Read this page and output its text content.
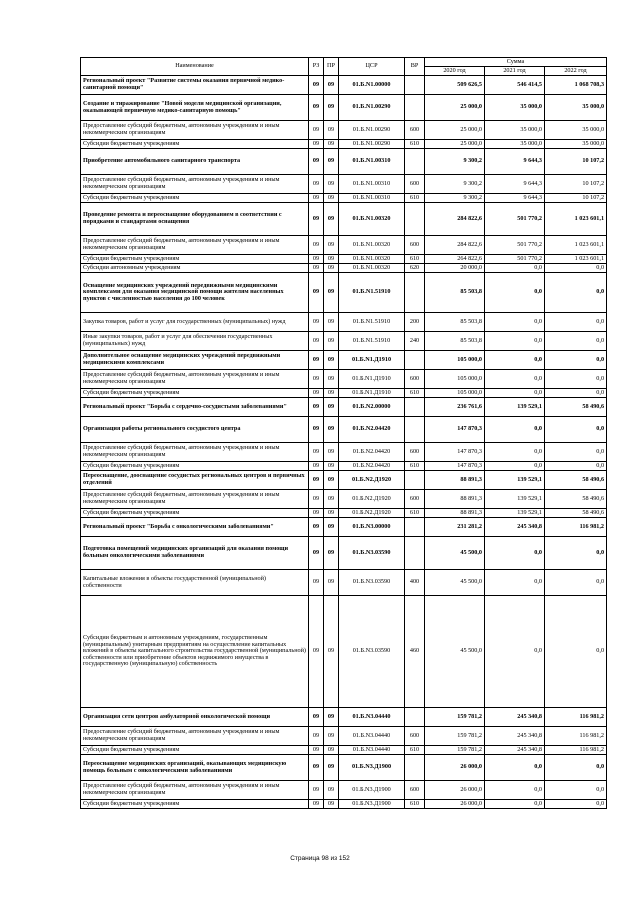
Наименование	РЗ	ПР	ЦСР	ВР	Сумма		
					2020 год	2021 год	2022 год
Региональный проект "Развитие системы оказания первичной медико-санитарной помощи"	09	09	01.Б.N1.00000		509 626,5	546 414,5	1 068 708,3
Создание и тиражирование "Новой модели медицинской организации, оказывающей первичную медико-санитарную помощь"	09	09	01.Б.N1.00290		25 000,0	35 000,0	35 000,0
Предоставление субсидий бюджетным, автономным учреждениям и иным некоммерческим организациям	09	09	01.Б.N1.00290	600	25 000,0	35 000,0	35 000,0
Субсидии бюджетным учреждениям	09	09	01.Б.N1.00290	610	25 000,0	35 000,0	35 000,0
Приобретение автомобильного санитарного транспорта	09	09	01.Б.N1.00310		9 300,2	9 644,3	10 107,2
Предоставление субсидий бюджетным, автономным учреждениям и иным некоммерческим организациям	09	09	01.Б.N1.00310	600	9 300,2	9 644,3	10 107,2
Субсидии бюджетным учреждениям	09	09	01.Б.N1.00310	610	9 300,2	9 644,3	10 107,2
Проведение ремонта и переоснащение оборудованием в соответствии с порядками и стандартами оснащения	09	09	01.Б.N1.00320		284 822,6	501 770,2	1 023 601,1
Предоставление субсидий бюджетным, автономным учреждениям и иным некоммерческим организациям	09	09	01.Б.N1.00320	600	284 822,6	501 770,2	1 023 601,1
Субсидии бюджетным учреждениям	09	09	01.Б.N1.00320	610	264 822,6	501 770,2	1 023 601,1
Субсидии автономным учреждениям	09	09	01.Б.N1.00320	620	20 000,0	0,0	0,0
Оснащение медицинских учреждений передвижными медицинскими комплексами для оказания медицинской помощи жителям населенных пунктов с численностью населения до 100 человек	09	09	01.Б.N1.51910		85 503,8	0,0	0,0
Закупка товаров, работ и услуг для государственных (муниципальных) нужд	09	09	01.Б.N1.51910	200	85 503,8	0,0	0,0
Иные закупки товаров, работ и услуг для обеспечения государственных (муниципальных) нужд	09	09	01.Б.N1.51910	240	85 503,8	0,0	0,0
Дополнительное оснащение медицинских учреждений передвижными медицинскими комплексами	09	09	01.Б.N1.Д1910		105 000,0	0,0	0,0
Предоставление субсидий бюджетным, автономным учреждениям и иным некоммерческим организациям	09	09	01.Б.N1.Д1910	600	105 000,0	0,0	0,0
Субсидии бюджетным учреждениям	09	09	01.Б.N1.Д1910	610	105 000,0	0,0	0,0
Региональный проект "Борьба с сердечно-сосудистыми заболеваниями"	09	09	01.Б.N2.00000		236 761,6	139 529,1	58 490,6
Организация работы регионального сосудистого центра	09	09	01.Б.N2.04420		147 870,3	0,0	0,0
Предоставление субсидий бюджетным, автономным учреждениям и иным некоммерческим организациям	09	09	01.Б.N2.04420	600	147 870,3	0,0	0,0
Субсидии бюджетным учреждениям	09	09	01.Б.N2.04420	610	147 870,3	0,0	0,0
Переоснащение, дооснащение сосудистых региональных центров и первичных отделений	09	09	01.Б.N2.Д1920		88 891,3	139 529,1	58 490,6
Предоставление субсидий бюджетным, автономным учреждениям и иным некоммерческим организациям	09	09	01.Б.N2.Д1920	600	88 891,3	139 529,1	58 490,6
Субсидии бюджетным учреждениям	09	09	01.Б.N2.Д1920	610	88 891,3	139 529,1	58 490,6
Региональный проект "Борьба с онкологическими заболеваниями"	09	09	01.Б.N3.00000		231 281,2	245 340,8	116 981,2
Подготовка помещений медицинских организаций для оказания помощи больным онкологическими заболеваниями	09	09	01.Б.N3.03590		45 500,0	0,0	0,0
Капитальные вложения в объекты государственной (муниципальной) собственности	09	09	01.Б.N3.03590	400	45 500,0	0,0	0,0
Субсидии бюджетным и автономным учреждениям, государственным (муниципальным) унитарным предприятиям на осуществление капитальных вложений в объекты капитального строительства государственной (муниципальной) собственности или приобретение объектов недвижимого имущества в государственную (муниципальную) собственность	09	09	01.Б.N3.03590	460	45 500,0	0,0	0,0
Организация сети центров амбулаторной онкологической помощи	09	09	01.Б.N3.04440		159 781,2	245 340,8	116 981,2
Предоставление субсидий бюджетным, автономным учреждениям и иным некоммерческим организациям	09	09	01.Б.N3.04440	600	159 781,2	245 340,8	116 981,2
Субсидии бюджетным учреждениям	09	09	01.Б.N3.04440	610	159 781,2	245 340,8	116 981,2
Переоснащение медицинских организаций, оказывающих медицинскую помощь больным с онкологическими заболеваниями	09	09	01.Б.N3.Д1900		26 000,0	0,0	0,0
Предоставление субсидий бюджетным, автономным учреждениям и иным некоммерческим организациям	09	09	01.Б.N3.Д1900	600	26 000,0	0,0	0,0
Субсидии бюджетным учреждениям	09	09	01.Б.N3.Д1900	610	26 000,0	0,0	0,0
Страница 98 из 152
